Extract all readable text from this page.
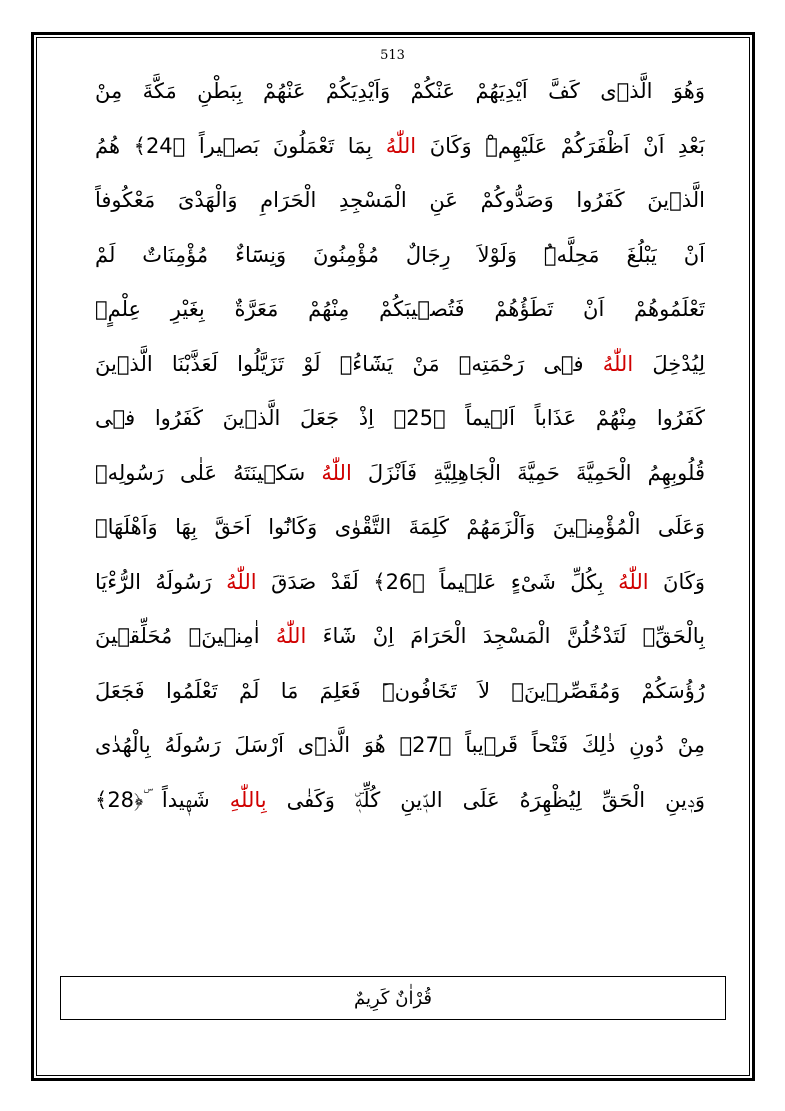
513
وَهُوَ الَّذٖى كَفَّ اَيْدِيَهُمْ عَنْكُمْ وَاَيْدِيَكُمْ عَنْهُمْ بِبَطْنِ مَكَّةَ مِنْ
بَعْدِ اَنْ اَظْفَرَكُمْ عَلَيْهِمْۜ وَكَانَ اللّٰهُ بِمَا تَعْمَلُونَ بَصٖيراً ﴿24﴾ هُمُ
الَّذٖينَ كَفَرُوا وَصَدُّوكُمْ عَنِ الْمَسْجِدِ الْحَرَامِ وَالْهَدْىَ مَعْكُوفاً
اَنْ يَبْلُغَ مَحِلَّهُۜ وَلَوْلاَ رِجَالٌ مُؤْمِنُونَ وَنِسَٓاءٌ مُؤْمِنَاتٌ لَمْ
تَعْلَمُوهُمْ اَنْ تَطَؤُهُمْ فَتُصٖيبَكُمْ مِنْهُمْ مَعَرَّةٌ بِغَيْرِ عِلْمٍۚ
لِيُدْخِلَ اللّٰهُ فٖى رَحْمَتِهٖ مَنْ يَشَٓاءُۚ لَوْ تَزَيَّلُوا لَعَذَّبْنَا الَّذٖينَ
كَفَرُوا مِنْهُمْ عَذَاباً اَلٖيماً ﴿25﴾ اِذْ جَعَلَ الَّذٖينَ كَفَرُوا فٖى
قُلُوبِهِمُ الْحَمِيَّةَ حَمِيَّةَ الْجَاهِلِيَّةِ فَاَنْزَلَ اللّٰهُ سَكٖينَتَهُ عَلٰى رَسُولِهٖ
وَعَلَى الْمُؤْمِنٖينَ وَاَلْزَمَهُمْ كَلِمَةَ التَّقْوٰى وَكَانُٓوا اَحَقَّ بِهَا وَاَهْلَهَاۜ
وَكَانَ اللّٰهُ بِكُلِّ شَىْءٍ عَلٖيماً ﴿26﴾ لَقَدْ صَدَقَ اللّٰهُ رَسُولَهُ الرُّءْيَا
بِالْحَقِّۚ لَتَدْخُلُنَّ الْمَسْجِدَ الْحَرَامَ اِنْ شَٓاءَ اللّٰهُ اٰمِنٖينَۙ مُحَلِّقٖينَ
رُؤُسَكُمْ وَمُقَصِّرٖينَۙ لاَ تَخَافُونَۜ فَعَلِمَ مَا لَمْ تَعْلَمُوا فَجَعَلَ
مِنْ دُونِ ذٰلِكَ فَتْحاً قَرٖيباً ﴿27﴾ هُوَ الَّذٖٓى اَرْسَلَ رَسُولَهُ بِالْهُدٰى
وَدٖينِ الْحَقِّ لِيُظْهِرَهُ عَلَى الدّٖينِ كُلِّهٖۜ وَكَفٰى بِاللّٰهِ شَهٖيداً ۜ﴿28﴾
قُرْاٰنٌ كَرِيمٌ
